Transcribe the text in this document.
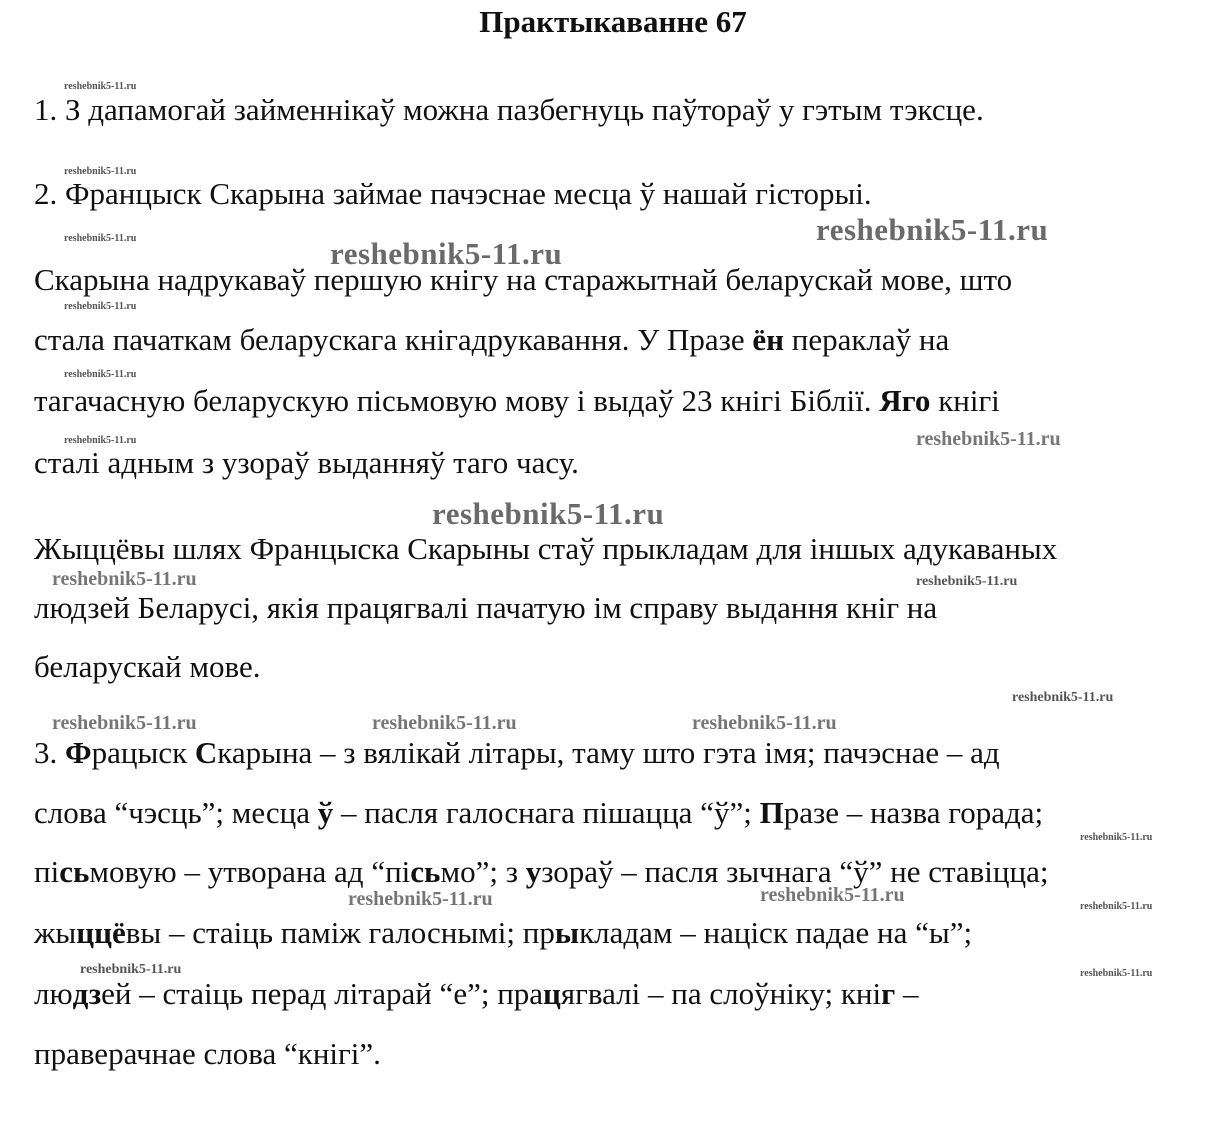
Практыкаванне 67
1. З дапамогай займеннікаў можна пазбегнуць паўтораў у гэтым тэксце.
2. Францыск Скарына займае пачэснае месца ў нашай гісторыі.
Скарына надрукаваў першую кнігу на старажытнай беларускай мове, што
стала пачаткам беларускага кнігадрукавання. У Празе ён пераклаў на
тагачасную беларускую пісьмовую мову і выдаў 23 кнігі Біблії. Яго кнігі
сталі адным з узораў выданняў таго часу.
Жыццёвы шлях Францыска Скарыны стаў прыкладам для іншых адукаваных
людзей Беларусі, якія працягвалі пачатую ім справу выдання кніг на
беларускай мове.
3. Фрацыск Скарына – з вялікай літары, таму што гэта імя; пачэснае – ад
слова “чэсць”; месца ў – пасля галоснага пішацца “ў”; Празе – назва горада;
пісьмовую – утворана ад “пісьмо”; з узораў – пасля зычнага “ў” не ставіцца;
жыццёвы – стаіць паміж галоснымі; прыкладам – націск падае на “ы”;
людзей – стаіць перад літарай “е”; працягвалі – па слоўніку; кніг –
праверачнае слова “кнігі”.
reshebnik5-11.ru
reshebnik5-11.ru
reshebnik5-11.ru
reshebnik5-11.ru
reshebnik5-11.ru
reshebnik5-11.ru
reshebnik5-11.ru
reshebnik5-11.ru
reshebnik5-11.ru
reshebnik5-11.ru
reshebnik5-11.ru	reshebnik5-11.ru
reshebnik5-11.ru
reshebnik5-11.ru	reshebnik5-11.ru	reshebnik5-11.ru
reshebnik5-11.ru
reshebnik5-11.ru	reshebnik5-11.ru
reshebnik5-11.ru
reshebnik5-11.ru	reshebnik5-11.ru
